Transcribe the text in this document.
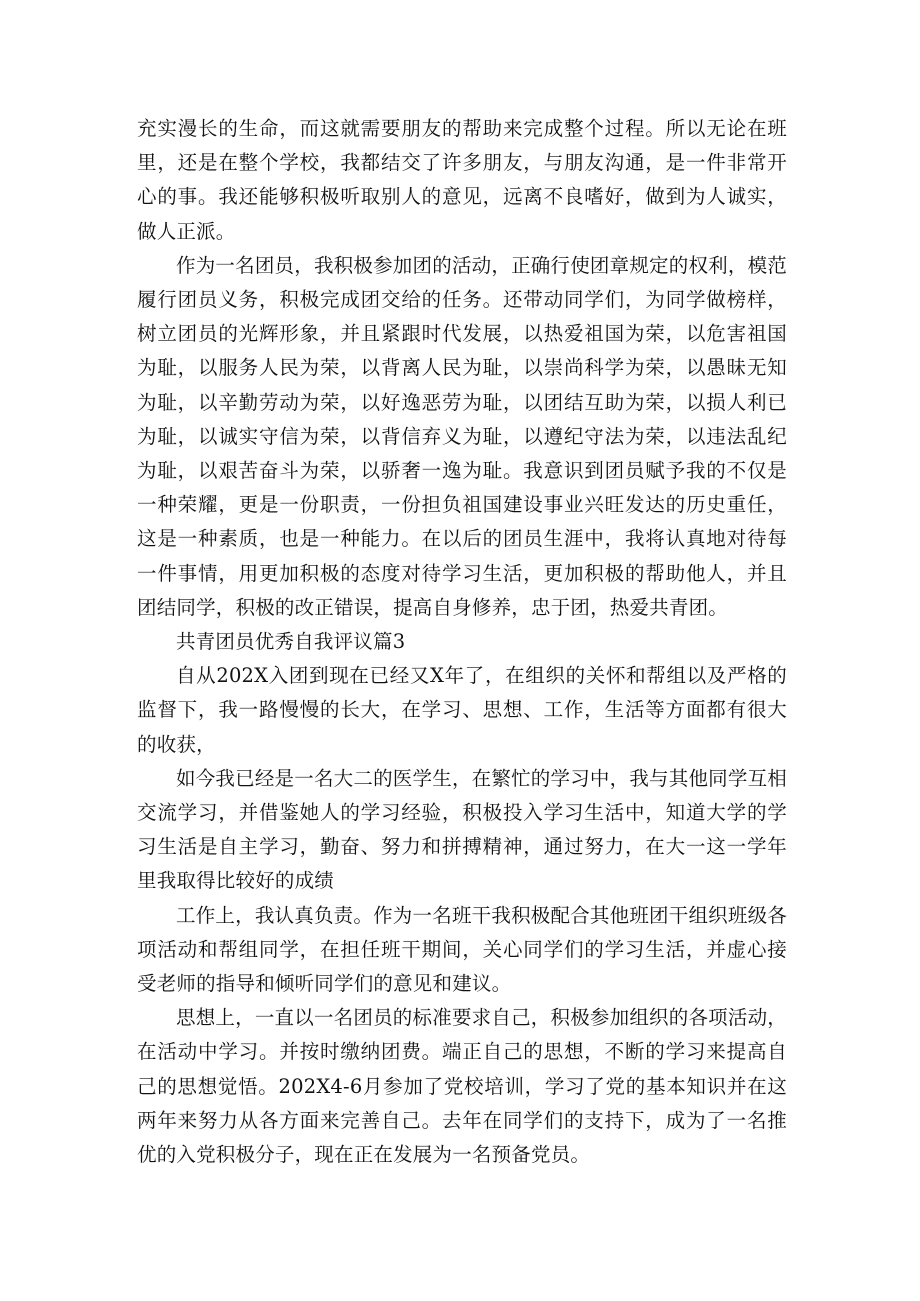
充实漫长的生命，而这就需要朋友的帮助来完成整个过程。所以无论在班里，还是在整个学校，我都结交了许多朋友，与朋友沟通，是一件非常开心的事。我还能够积极听取别人的意见，远离不良嗜好，做到为人诚实，做人正派。

作为一名团员，我积极参加团的活动，正确行使团章规定的权利，模范履行团员义务，积极完成团交给的任务。还带动同学们，为同学做榜样，树立团员的光辉形象，并且紧跟时代发展，以热爱祖国为荣，以危害祖国为耻，以服务人民为荣，以背离人民为耻，以崇尚科学为荣，以愚昧无知为耻，以辛勤劳动为荣，以好逸恶劳为耻，以团结互助为荣，以损人利已为耻，以诚实守信为荣，以背信弃义为耻，以遵纪守法为荣，以违法乱纪为耻，以艰苦奋斗为荣，以骄奢一逸为耻。我意识到团员赋予我的不仅是一种荣耀，更是一份职责，一份担负祖国建设事业兴旺发达的历史重任，这是一种素质，也是一种能力。在以后的团员生涯中，我将认真地对待每一件事情，用更加积极的态度对待学习生活，更加积极的帮助他人，并且团结同学，积极的改正错误，提高自身修养，忠于团，热爱共青团。

共青团员优秀自我评议篇3

自从202X入团到现在已经又X年了，在组织的关怀和帮组以及严格的监督下，我一路慢慢的长大，在学习、思想、工作，生活等方面都有很大的收获，

如今我已经是一名大二的医学生，在繁忙的学习中，我与其他同学互相交流学习，并借鉴她人的学习经验，积极投入学习生活中，知道大学的学习生活是自主学习，勤奋、努力和拼搏精神，通过努力，在大一这一学年里我取得比较好的成绩

工作上，我认真负责。作为一名班干我积极配合其他班团干组织班级各项活动和帮组同学，在担任班干期间，关心同学们的学习生活，并虚心接受老师的指导和倾听同学们的意见和建议。

思想上，一直以一名团员的标准要求自己，积极参加组织的各项活动，在活动中学习。并按时缴纳团费。端正自己的思想，不断的学习来提高自己的思想觉悟。202X4-6月参加了党校培训，学习了党的基本知识并在这两年来努力从各方面来完善自己。去年在同学们的支持下，成为了一名推优的入党积极分子，现在正在发展为一名预备党员。
